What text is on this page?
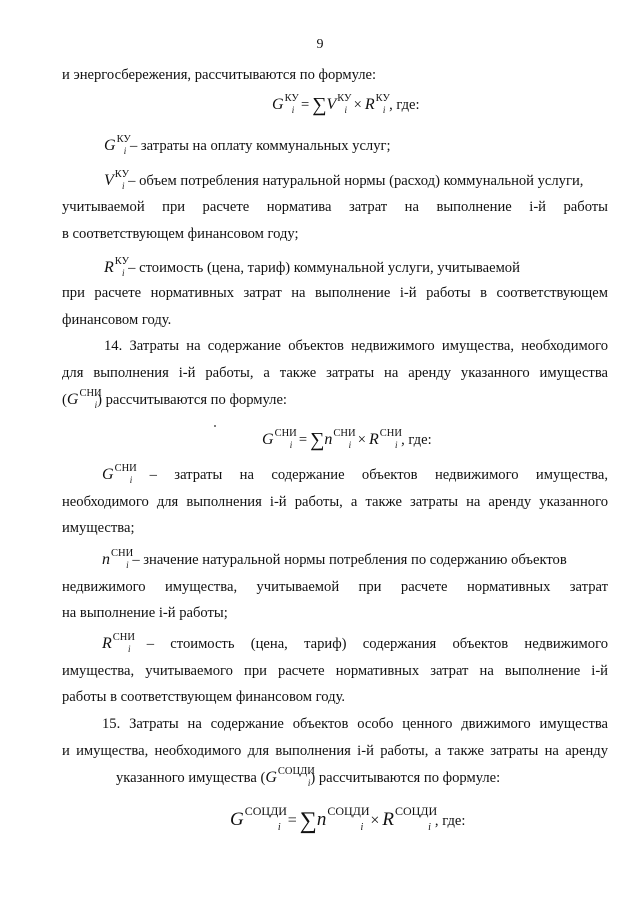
9
и энергосбережения, рассчитываются по формуле:
$G^{КУ}_i = \sum V^{КУ}_i \times R^{КУ}_i$ , где:
$G^{КУ}_i$ – затраты на оплату коммунальных услуг;
$V^{КУ}_i$ – объем потребления натуральной нормы (расход) коммунальной услуги,
учитываемой при расчете норматива затрат на выполнение i-й работы
в соответствующем финансовом году;
$R^{КУ}_i$ – стоимость (цена, тариф) коммунальной услуги, учитываемой
при расчете нормативных затрат на выполнение i-й работы в соответствующем
финансовом году.
14. Затраты на содержание объектов недвижимого имущества, необходимого
для выполнения i-й работы, а также затраты на аренду указанного имущества
$(G^{СНИ}_i)$ рассчитываются по формуле:
$G^{СНИ}_i = \sum n^{СНИ}_i \times R^{СНИ}_i$ , где:
$G^{СНИ}_i$ – затраты на содержание объектов недвижимого имущества,
необходимого для выполнения i-й работы, а также затраты на аренду указанного
имущества;
$n^{СНИ}_i$ – значение натуральной нормы потребления по содержанию объектов
недвижимого имущества, учитываемой при расчете нормативных затрат
на выполнение i-й работы;
$R^{СНИ}_i$ – стоимость (цена, тариф) содержания объектов недвижимого
имущества, учитываемого при расчете нормативных затрат на выполнение i-й
работы в соответствующем финансовом году.
15. Затраты на содержание объектов особо ценного движимого имущества
и имущества, необходимого для выполнения i-й работы, а также затраты на аренду
указанного имущества $(G^{СОЦДИ}_i)$ рассчитываются по формуле:
$G^{СОЦДИ}_i = \sum n^{СОЦДИ}_i \times R^{СОЦДИ}_i$ , где:
